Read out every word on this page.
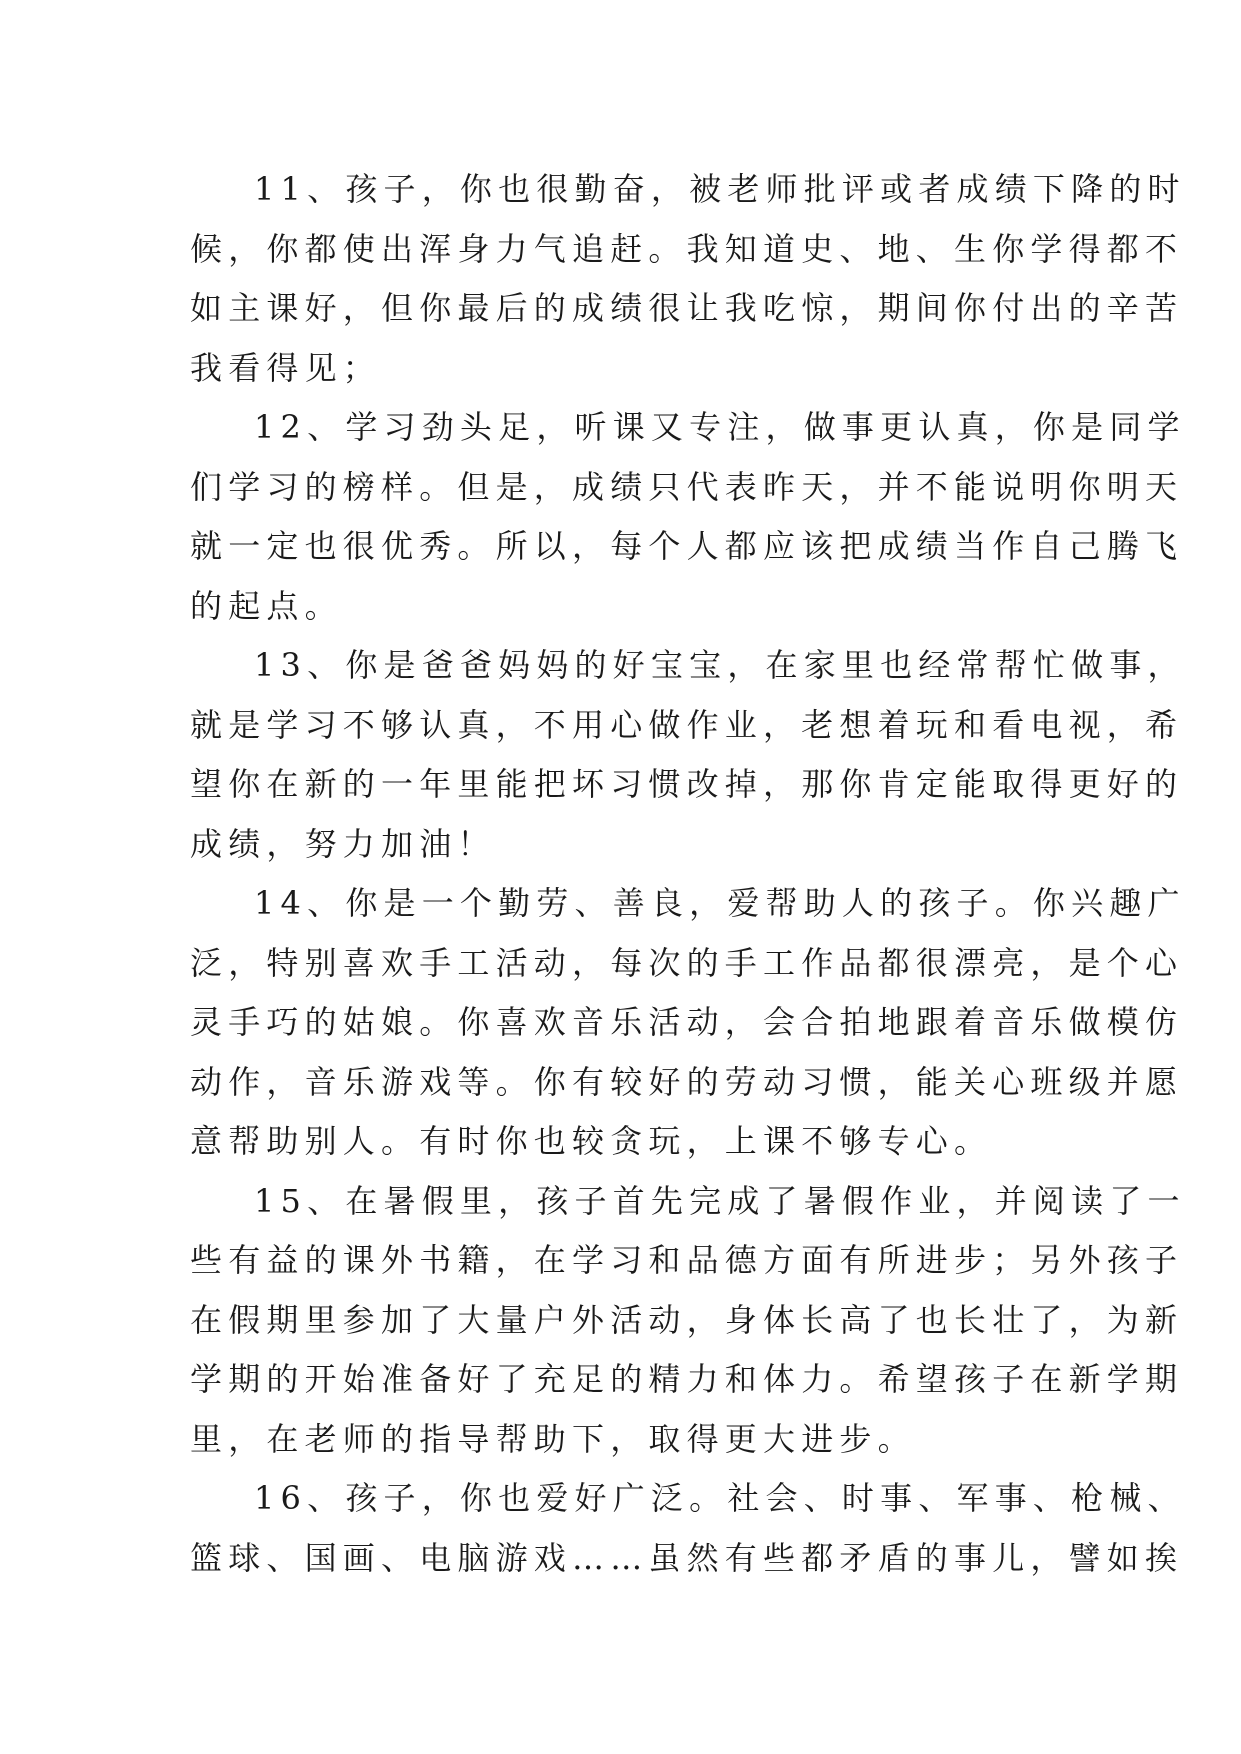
11、孩子，你也很勤奋，被老师批评或者成绩下降的时
候，你都使出浑身力气追赶。我知道史、地、生你学得都不
如主课好，但你最后的成绩很让我吃惊，期间你付出的辛苦
我看得见；

12、学习劲头足，听课又专注，做事更认真，你是同学
们学习的榜样。但是，成绩只代表昨天，并不能说明你明天
就一定也很优秀。所以，每个人都应该把成绩当作自己腾飞
的起点。

13、你是爸爸妈妈的好宝宝，在家里也经常帮忙做事，
就是学习不够认真，不用心做作业，老想着玩和看电视，希
望你在新的一年里能把坏习惯改掉，那你肯定能取得更好的
成绩，努力加油！

14、你是一个勤劳、善良，爱帮助人的孩子。你兴趣广
泛，特别喜欢手工活动，每次的手工作品都很漂亮，是个心
灵手巧的姑娘。你喜欢音乐活动，会合拍地跟着音乐做模仿
动作，音乐游戏等。你有较好的劳动习惯，能关心班级并愿
意帮助别人。有时你也较贪玩，上课不够专心。

15、在暑假里，孩子首先完成了暑假作业，并阅读了一
些有益的课外书籍，在学习和品德方面有所进步；另外孩子
在假期里参加了大量户外活动，身体长高了也长壮了，为新
学期的开始准备好了充足的精力和体力。希望孩子在新学期
里，在老师的指导帮助下，取得更大进步。

16、孩子，你也爱好广泛。社会、时事、军事、枪械、
篮球、国画、电脑游戏……虽然有些都矛盾的事儿，譬如挨
